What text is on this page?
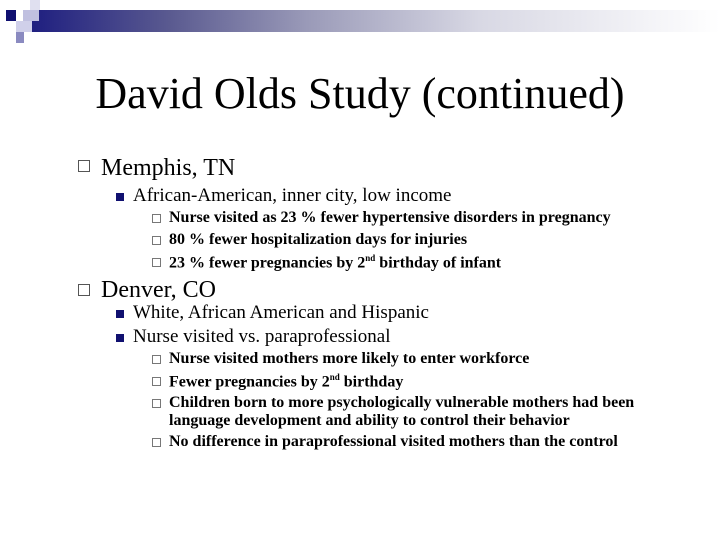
David Olds Study (continued)
Memphis, TN
African-American, inner city, low income
Nurse visited as 23 % fewer hypertensive disorders in pregnancy
80 % fewer hospitalization days for injuries
23 % fewer pregnancies by 2nd birthday of infant
Denver, CO
White, African American and Hispanic
Nurse visited vs. paraprofessional
Nurse visited mothers more likely to enter workforce
Fewer pregnancies by 2nd birthday
Children born to more psychologically vulnerable mothers had been
language development and ability to control their behavior
No difference in paraprofessional visited mothers than the control
